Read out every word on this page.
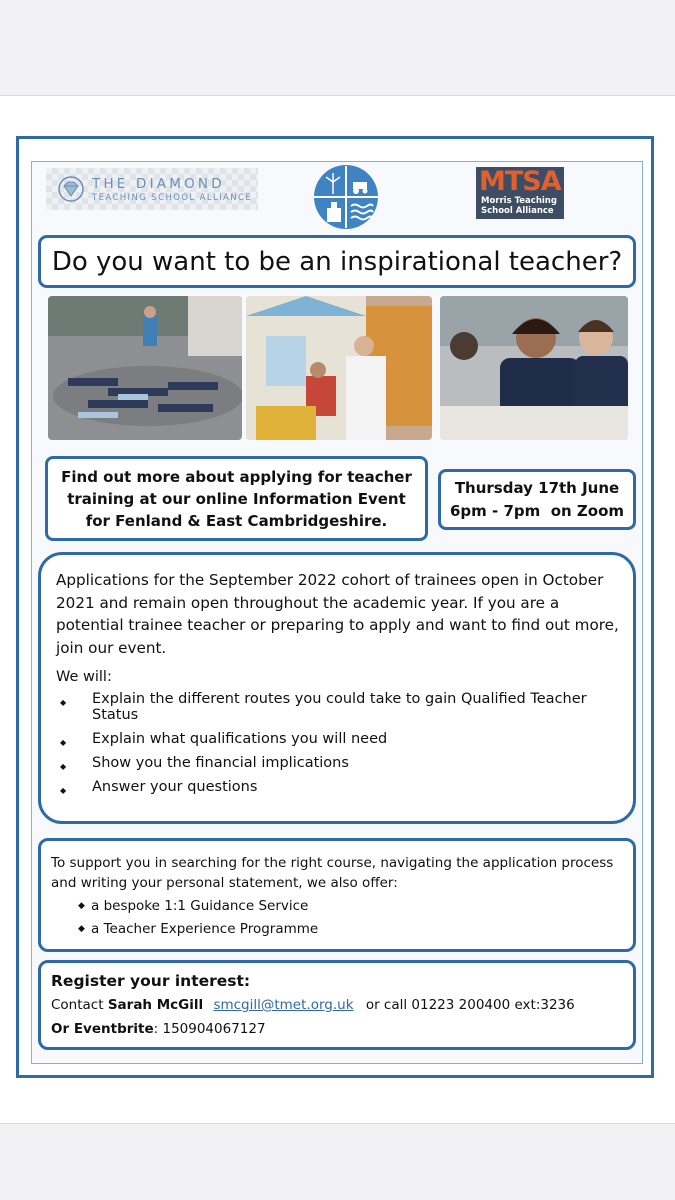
THE DIAMOND
TEACHING SCHOOL ALLIANCE
MTSA
Morris Teaching
School Alliance
Do you want to be an inspirational teacher?
Find out more about applying for teacher training at our online Information Event for Fenland & East Cambridgeshire.
Thursday 17th June
6pm - 7pm  on Zoom

Applications for the September 2022 cohort of trainees open in October 2021 and remain open throughout the academic year. If you are a potential trainee teacher or preparing to apply and want to find out more, join our event.

We will:
◆ Explain the different routes you could take to gain Qualified Teacher Status
◆ Explain what qualifications you will need
◆ Show you the financial implications
◆ Answer your questions
To support you in searching for the right course, navigating the application process and writing your personal statement, we also offer:
◆ a bespoke 1:1 Guidance Service
◆ a Teacher Experience Programme
Register your interest:
Contact Sarah McGill smcgill@tmet.org.uk or call 01223 200400 ext:3236
Or Eventbrite: 150904067127
